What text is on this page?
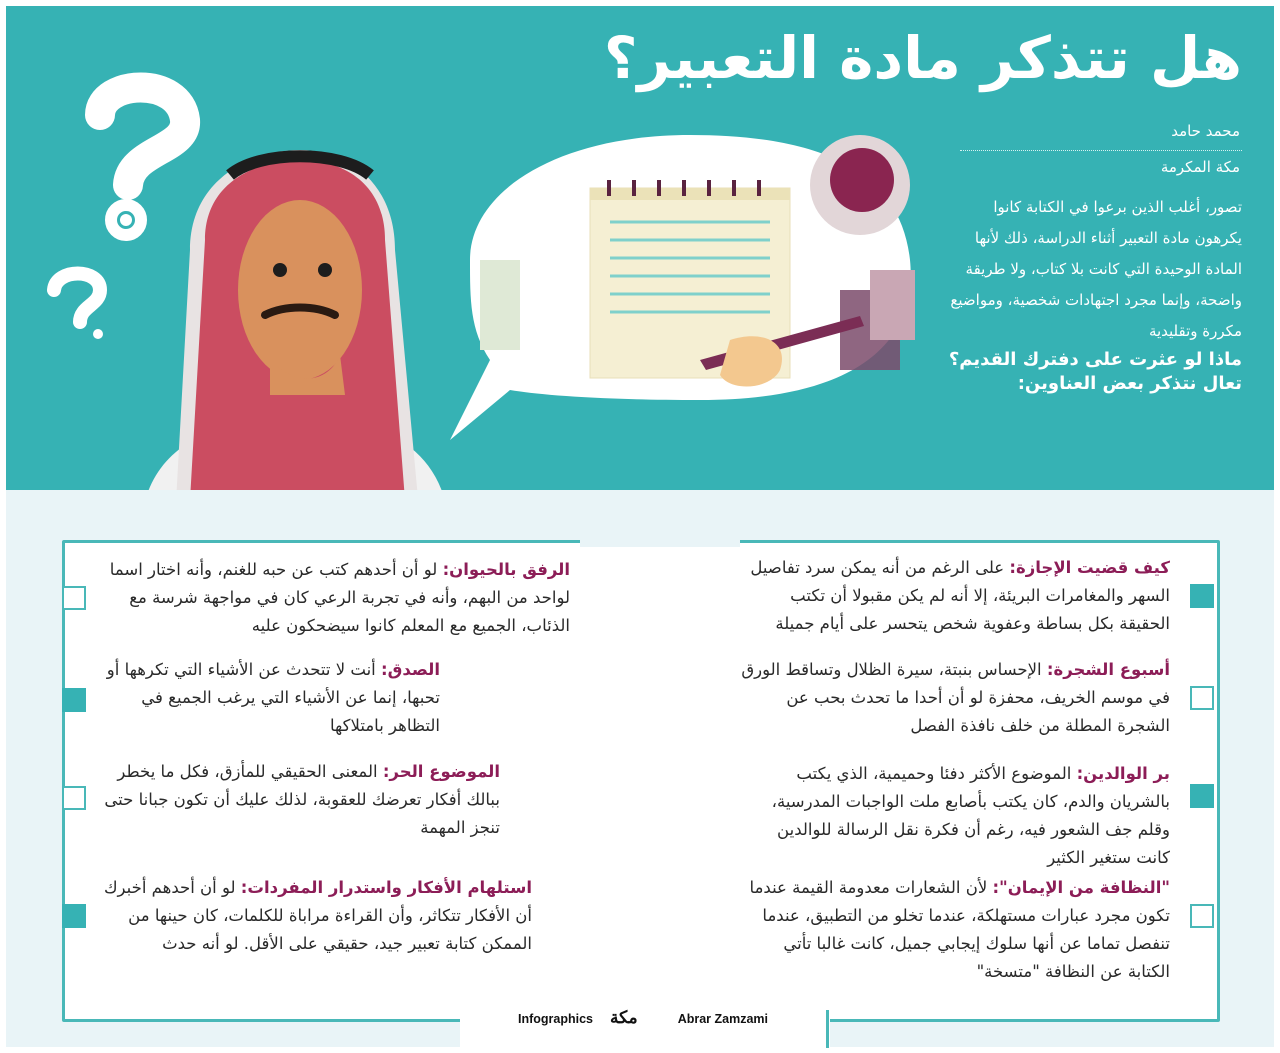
هل تتذكر مادة التعبير؟
محمد حامد
مكة المكرمة

تصور، أغلب الذين برعوا في الكتابة كانوا يكرهون مادة التعبير أثناء الدراسة، ذلك لأنها المادة الوحيدة التي كانت بلا كتاب، ولا طريقة واضحة، وإنما مجرد اجتهادات شخصية، ومواضيع مكررة وتقليدية

ماذا لو عثرت على دفترك القديم؟ تعال نتذكر بعض العناوين:

كيف قضيت الإجازة: على الرغم من أنه يمكن سرد تفاصيل السهر والمغامرات البريئة، إلا أنه لم يكن مقبولا أن تكتب الحقيقة بكل بساطة وعفوية شخص يتحسر على أيام جميلة
أسبوع الشجرة: الإحساس بنبتة، سيرة الظلال وتساقط الورق في موسم الخريف، محفزة لو أن أحدا ما تحدث بحب عن الشجرة المطلة من خلف نافذة الفصل
بر الوالدين: الموضوع الأكثر دفئا وحميمية، الذي يكتب بالشريان والدم، كان يكتب بأصابع ملت الواجبات المدرسية، وقلم جف الشعور فيه، رغم أن فكرة نقل الرسالة للوالدين كانت ستغير الكثير
"النظافة من الإيمان": لأن الشعارات معدومة القيمة عندما تكون مجرد عبارات مستهلكة، عندما تخلو من التطبيق، عندما تنفصل تماما عن أنها سلوك إيجابي جميل، كانت غالبا تأتي الكتابة عن النظافة "متسخة"
الرفق بالحيوان: لو أن أحدهم كتب عن حبه للغنم، وأنه اختار اسما لواحد من البهم، وأنه في تجربة الرعي كان في مواجهة شرسة مع الذئاب، الجميع مع المعلم كانوا سيضحكون عليه
الصدق: أنت لا تتحدث عن الأشياء التي تكرهها أو تحبها، إنما عن الأشياء التي يرغب الجميع في التظاهر بامتلاكها
الموضوع الحر: المعنى الحقيقي للمأزق، فكل ما يخطر ببالك أفكار تعرضك للعقوبة، لذلك عليك أن تكون جبانا حتى تنجز المهمة
استلهام الأفكار واستدرار المفردات: لو أن أحدهم أخبرك أن الأفكار تتكاثر، وأن القراءة مراباة للكلمات، كان حينها من الممكن كتابة تعبير جيد، حقيقي على الأقل. لو أنه حدث
Infographics مكة	Abrar Zamzami
